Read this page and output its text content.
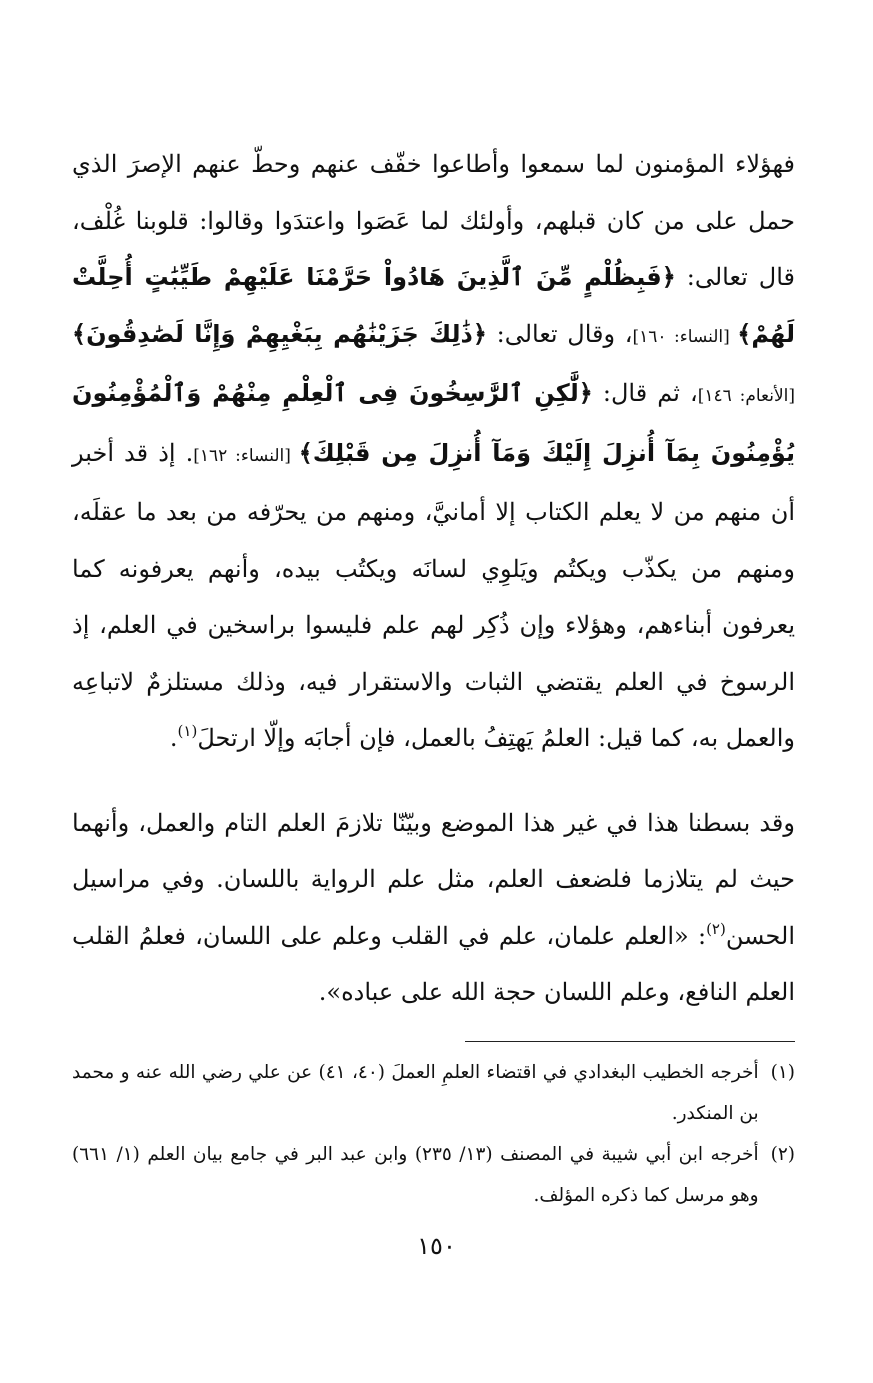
فهؤلاء المؤمنون لما سمعوا وأطاعوا خفّف عنهم وحطّ عنهم الإصرَ الذي حمل على من كان قبلهم، وأولئك لما عَصَوا واعتدَوا وقالوا: قلوبنا غُلْف، قال تعالى: ﴿فَبِظُلْمٍ مِّنَ ٱلَّذِينَ هَادُواْ حَرَّمْنَا عَلَيْهِمْ طَيِّبَٰتٍ أُحِلَّتْ لَهُمْ﴾ [النساء: ١٦٠]، وقال تعالى: ﴿ذَٰلِكَ جَزَيْنَٰهُم بِبَغْيِهِمْ وَإِنَّا لَصَٰدِقُونَ﴾ [الأنعام: ١٤٦]، ثم قال: ﴿لَّٰكِنِ ٱلرَّٰسِخُونَ فِى ٱلْعِلْمِ مِنْهُمْ وَٱلْمُؤْمِنُونَ يُؤْمِنُونَ بِمَآ أُنزِلَ إِلَيْكَ وَمَآ أُنزِلَ مِن قَبْلِكَ﴾ [النساء: ١٦٢]. إذ قد أخبر أن منهم من لا يعلم الكتاب إلا أمانيَّ، ومنهم من يحرّفه من بعد ما عقلَه، ومنهم من يكذّب ويكتُم ويَلوِي لسانَه ويكتُب بيده، وأنهم يعرفونه كما يعرفون أبناءهم، وهؤلاء وإن ذُكِر لهم علم فليسوا براسخين في العلم، إذ الرسوخ في العلم يقتضي الثبات والاستقرار فيه، وذلك مستلزمٌ لاتباعِه والعمل به، كما قيل: العلمُ يَهتِفُ بالعمل، فإن أجابَه وإلّا ارتحلَ$^{(١)}$.

وقد بسطنا هذا في غير هذا الموضع وبيّنّا تلازمَ العلم التام والعمل، وأنهما حيث لم يتلازما فلضعف العلم، مثل علم الرواية باللسان. وفي مراسيل الحسن$^{(٢)}$: «العلم علمان، علم في القلب وعلم على اللسان، فعلمُ القلب العلم النافع، وعلم اللسان حجة الله على عباده».

(١)
أخرجه الخطيب البغدادي في اقتضاء العلمِ العملَ (٤٠، ٤١) عن علي رضي الله عنه و محمد بن المنكدر.

(٢)
أخرجه ابن أبي شيبة في المصنف (١٣/ ٢٣٥) وابن عبد البر في جامع بيان العلم (١/ ٦٦١) وهو مرسل كما ذكره المؤلف.

١٥٠
